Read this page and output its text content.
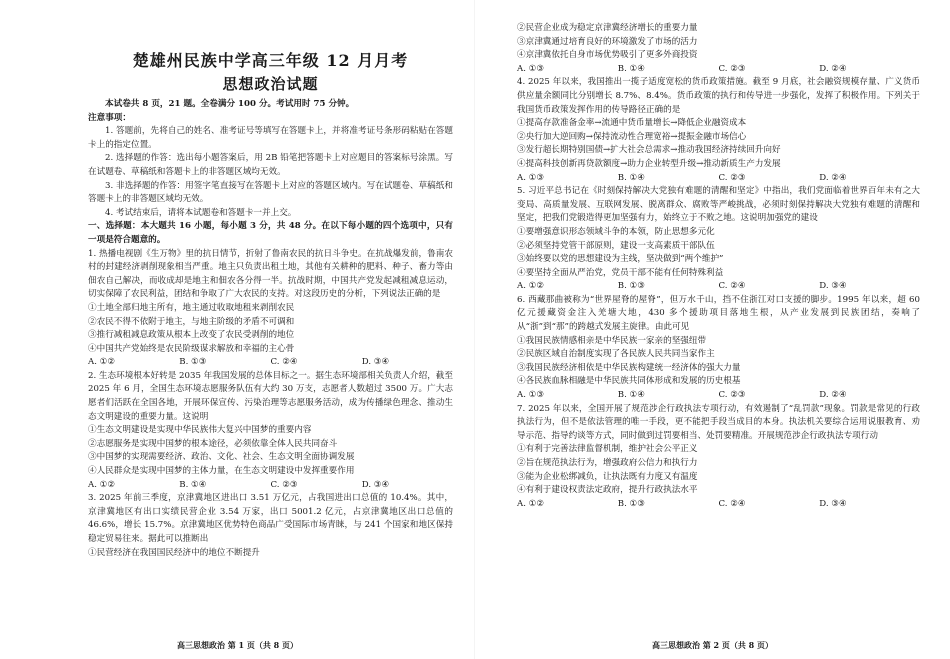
楚雄州民族中学高三年级 12 月月考
思想政治试题

本试卷共 8 页，21 题。全卷满分 100 分。考试用时 75 分钟。

注意事项：

1. 答题前，先将自己的姓名、准考证号等填写在答题卡上，并将准考证号条形码粘贴在答题卡上的指定位置。

2. 选择题的作答：选出每小题答案后，用 2B 铅笔把答题卡上对应题目的答案标号涂黑。写在试题卷、草稿纸和答题卡上的非答题区域均无效。

3. 非选择题的作答：用签字笔直接写在答题卡上对应的答题区域内。写在试题卷、草稿纸和答题卡上的非答题区域均无效。

4. 考试结束后，请将本试题卷和答题卡一并上交。

一、选择题：本大题共 16 小题，每小题 3 分，共 48 分。在以下每小题的四个选项中，只有一项是符合题意的。

1. 热播电视剧《生万物》里的抗日情节，折射了鲁南农民的抗日斗争史。在抗战爆发前，鲁南农村的封建经济剥削现象相当严重。地主只负责出租土地，其他有关耕种的肥料、种子、畜力等由佃农自己解决，而收成却是地主和佃农各分得一半。抗战时期，中国共产党发起减租减息运动，切实保障了农民利益，团结和争取了广大农民的支持。对这段历史的分析，下列说法正确的是

①土地全部归地主所有，地主通过收取地租来剥削农民

②农民不得不依附于地主，与地主阶级的矛盾不可调和

③推行减租减息政策从根本上改变了农民受剥削的地位

④中国共产党始终是农民阶级谋求解放和幸福的主心骨

A. ①②	B. ①③	C. ②④	D. ③④

2. 生态环境根本好转是 2035 年我国发展的总体目标之一。据生态环境部相关负责人介绍，截至 2025 年 6 月，全国生态环境志愿服务队伍有大约 30 万支，志愿者人数超过 3500 万。广大志愿者们活跃在全国各地，开展环保宣传、污染治理等志愿服务活动，成为传播绿色理念、推动生态文明建设的重要力量。这说明

①生态文明建设是实现中华民族伟大复兴中国梦的重要内容

②志愿服务是实现中国梦的根本途径，必须依靠全体人民共同奋斗

③中国梦的实现需要经济、政治、文化、社会、生态文明全面协调发展

④人民群众是实现中国梦的主体力量，在生态文明建设中发挥重要作用

A. ①②	B. ①④	C. ②③	D. ③④

3. 2025 年前三季度，京津冀地区进出口 3.51 万亿元，占我国进出口总值的 10.4%。其中，京津冀地区有出口实绩民营企业 3.54 万家，出口 5001.2 亿元，占京津冀地区出口总值的 46.6%，增长 15.7%。京津冀地区优势特色商品广受国际市场青睐，与 241 个国家和地区保持稳定贸易往来。据此可以推断出

①民营经济在我国国民经济中的地位不断提升

高三思想政治 第 1 页（共 8 页）

②民营企业成为稳定京津冀经济增长的重要力量

③京津冀通过培育良好的环境激发了市场的活力

④京津冀依托自身市场优势吸引了更多外商投资

A. ①③	B. ①④	C. ②③	D. ②④

4. 2025 年以来，我国推出一揽子适度宽松的货币政策措施。截至 9 月底，社会融资规模存量、广义货币供应量余额同比分别增长 8.7%、8.4%。货币政策的执行和传导进一步强化，发挥了积极作用。下列关于我国货币政策发挥作用的传导路径正确的是

①提高存款准备金率→流通中货币量增长→降低企业融资成本

②央行加大逆回购→保持流动性合理宽裕→提振金融市场信心

③发行超长期特别国债→扩大社会总需求→推动我国经济持续回升向好

④提高科技创新再贷款额度→助力企业转型升级→推动新质生产力发展

A. ①③	B. ①④	C. ②③	D. ②④

5. 习近平总书记在《时刻保持解决大党独有难题的清醒和坚定》中指出，我们党面临着世界百年未有之大变局、高质量发展、互联网发展、脱离群众、腐败等严峻挑战，必须时刻保持解决大党独有难题的清醒和坚定，把我们党锻造得更加坚强有力，始终立于不败之地。这说明加强党的建设

①要增强意识形态领域斗争的本领，防止思想多元化

②必须坚持党管干部原则，建设一支高素质干部队伍

③始终要以党的思想建设为主线，坚决做到“两个维护”

④要坚持全面从严治党，党员干部不能有任何特殊利益

A. ①②	B. ①③	C. ②④	D. ③④

6. 西藏那曲被称为“世界屋脊的屋脊”，但万水千山，挡不住浙江对口支援的脚步。1995 年以来，超 60 亿元援藏资金注入羌塘大地，430 多个援助项目落地生根，从产业发展到民族团结，奏响了从“浙”到“那”的跨越式发展主旋律。由此可见

①我国民族情感相亲是中华民族一家亲的坚强纽带

②民族区域自治制度实现了各民族人民共同当家作主

③我国民族经济相依是中华民族构建统一经济体的强大力量

④各民族血脉相融是中华民族共同体形成和发展的历史根基

A. ①③	B. ①④	C. ②③	D. ②④

7. 2025 年以来，全国开展了规范涉企行政执法专项行动，有效遏制了“乱罚款”现象。罚款是常见的行政执法行为，但不是依法管理的唯一手段，更不能把手段当成目的本身。执法机关要综合运用说服教育、劝导示范、指导约谈等方式，同时做到过罚要相当、处罚要精准。开展规范涉企行政执法专项行动

①有利于完善法律监督机制，维护社会公平正义

②旨在规范执法行为，增强政府公信力和执行力

③能为企业松绑减负，让执法既有力度又有温度

④有利于建设权责法定政府，提升行政执法水平

A. ①②	B. ①③	C. ②④	D. ③④
高三思想政治 第 2 页（共 8 页）
